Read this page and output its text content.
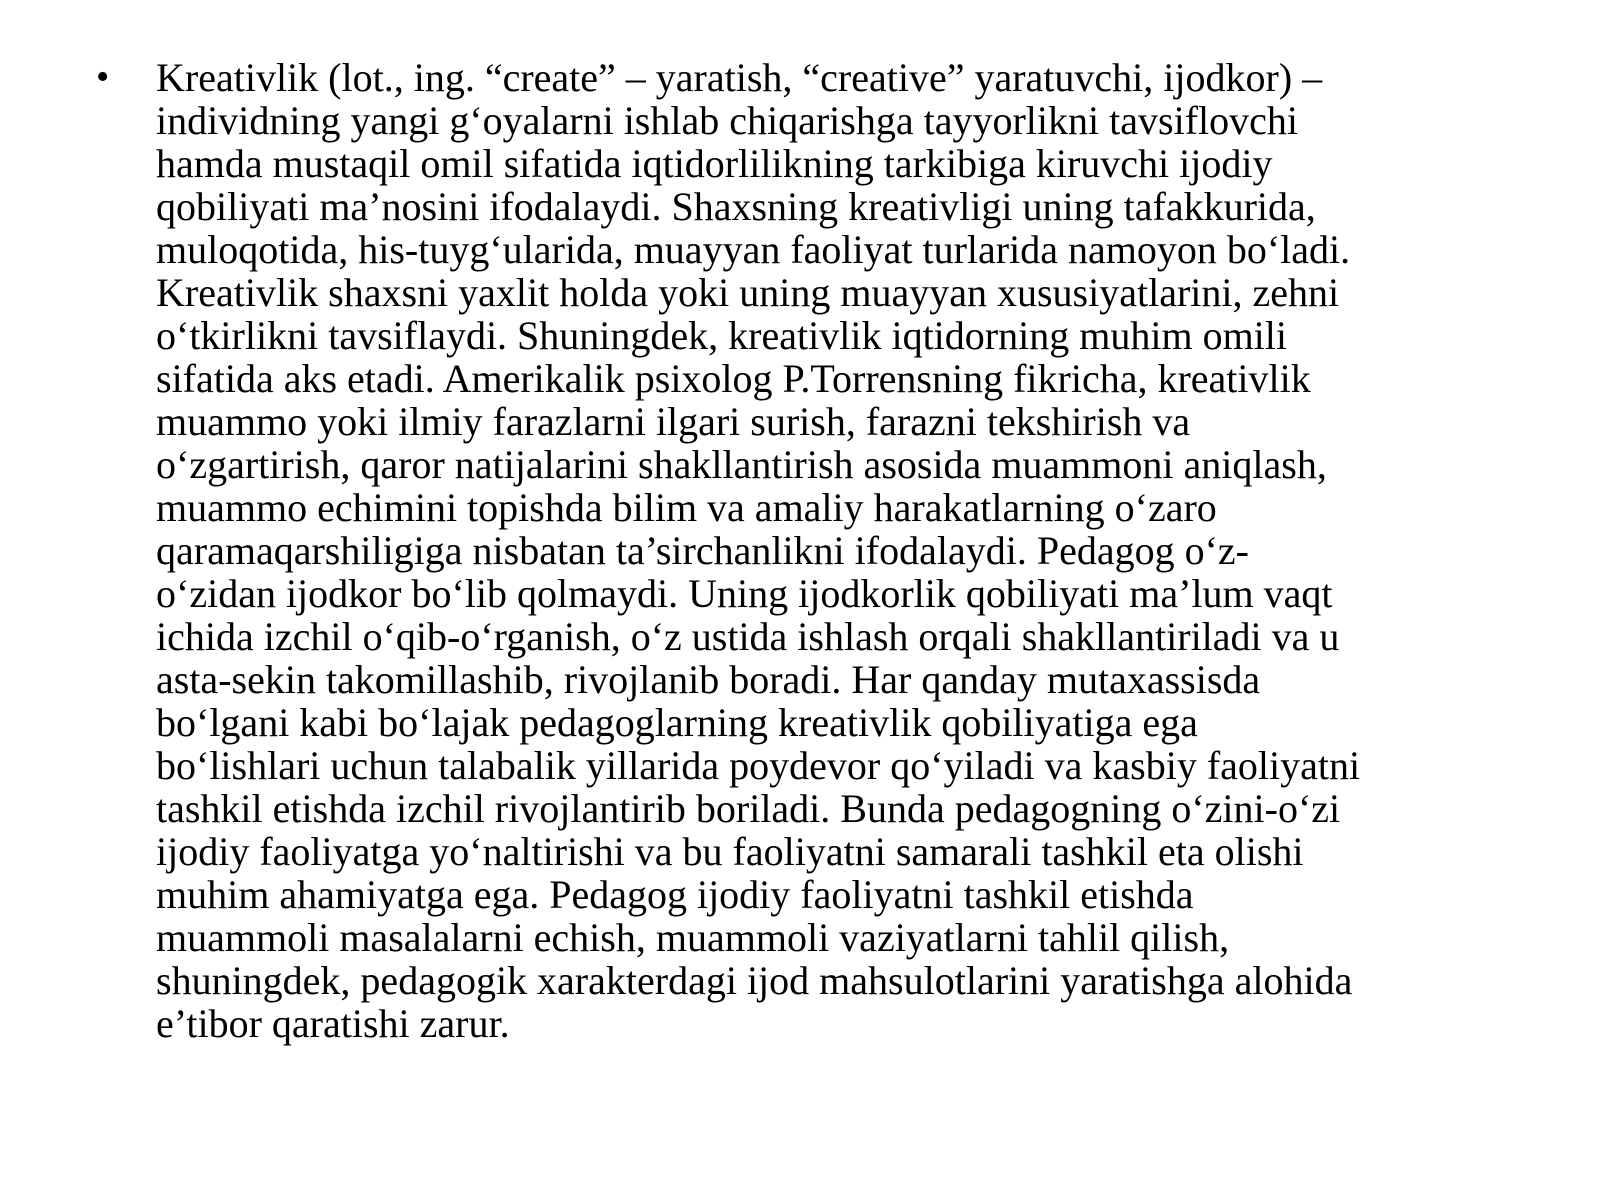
• Kreativlik (lot., ing. “create” – yaratish, “creative” yaratuvchi, ijodkor) –
individning yangi g‘oyalarni ishlab chiqarishga tayyorlikni tavsiflovchi
hamda mustaqil omil sifatida iqtidorlilikning tarkibiga kiruvchi ijodiy
qobiliyati ma’nosini ifodalaydi. Shaxsning kreativligi uning tafakkurida,
muloqotida, his-tuyg‘ularida, muayyan faoliyat turlarida namoyon bo‘ladi.
Kreativlik shaxsni yaxlit holda yoki uning muayyan xususiyatlarini, zehni
o‘tkirlikni tavsiflaydi. Shuningdek, kreativlik iqtidorning muhim omili
sifatida aks etadi. Amerikalik psixolog P.Torrensning fikricha, kreativlik
muammo yoki ilmiy farazlarni ilgari surish, farazni tekshirish va
o‘zgartirish, qaror natijalarini shakllantirish asosida muammoni aniqlash,
muammo echimini topishda bilim va amaliy harakatlarning o‘zaro
qaramaqarshiligiga nisbatan ta’sirchanlikni ifodalaydi. Pedagog o‘z-
o‘zidan ijodkor bo‘lib qolmaydi. Uning ijodkorlik qobiliyati ma’lum vaqt
ichida izchil o‘qib-o‘rganish, o‘z ustida ishlash orqali shakllantiriladi va u
asta-sekin takomillashib, rivojlanib boradi. Har qanday mutaxassisda
bo‘lgani kabi bo‘lajak pedagoglarning kreativlik qobiliyatiga ega
bo‘lishlari uchun talabalik yillarida poydevor qo‘yiladi va kasbiy faoliyatni
tashkil etishda izchil rivojlantirib boriladi. Bunda pedagogning o‘zini-o‘zi
ijodiy faoliyatga yo‘naltirishi va bu faoliyatni samarali tashkil eta olishi
muhim ahamiyatga ega. Pedagog ijodiy faoliyatni tashkil etishda
muammoli masalalarni echish, muammoli vaziyatlarni tahlil qilish,
shuningdek, pedagogik xarakterdagi ijod mahsulotlarini yaratishga alohida
e’tibor qaratishi zarur.
